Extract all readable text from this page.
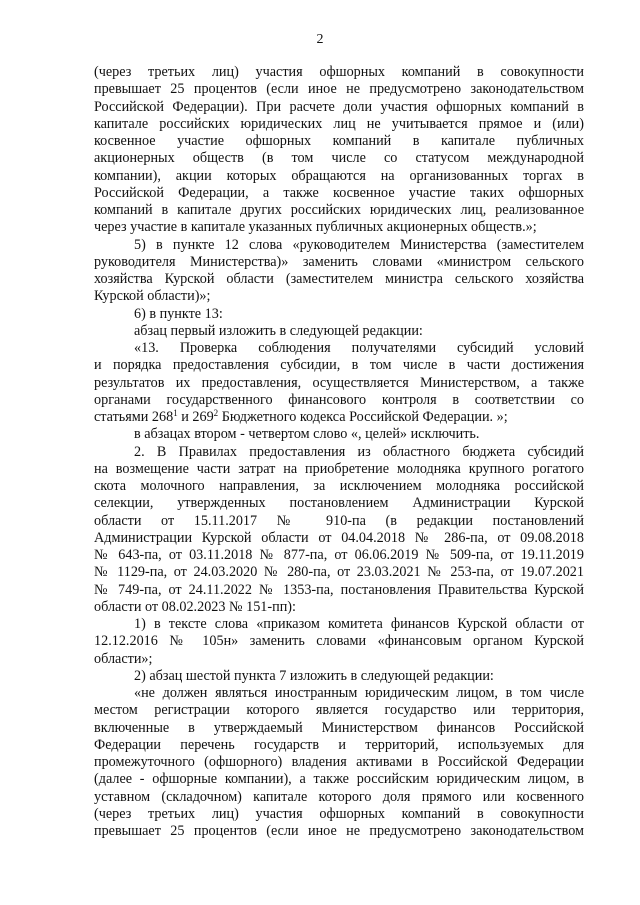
2
(через третьих лиц) участия офшорных компаний в совокупности
превышает 25 процентов (если иное не предусмотрено законодательством
Российской Федерации). При расчете доли участия офшорных компаний в
капитале российских юридических лиц не учитывается прямое и (или)
косвенное участие офшорных компаний в капитале публичных
акционерных обществ (в том числе со статусом международной
компании), акции которых обращаются на организованных торгах в
Российской Федерации, а также косвенное участие таких офшорных
компаний в капитале других российских юридических лиц, реализованное
через участие в капитале указанных публичных акционерных обществ.»;
5) в пункте 12 слова «руководителем Министерства (заместителем
руководителя Министерства)» заменить словами «министром сельского
хозяйства Курской области (заместителем министра сельского хозяйства
Курской области)»;
6) в пункте 13:
абзац первый изложить в следующей редакции:
«13. Проверка соблюдения получателями субсидий условий
и порядка предоставления субсидии, в том числе в части достижения
результатов их предоставления, осуществляется Министерством, а также
органами государственного финансового контроля в соответствии со
статьями $268^1$ и $269^2$ Бюджетного кодекса Российской Федерации. »;
в абзацах втором - четвертом слово «, целей» исключить.
2. В Правилах предоставления из областного бюджета субсидий
на возмещение части затрат на приобретение молодняка крупного рогатого
скота молочного направления, за исключением молодняка российской
селекции, утвержденных постановлением Администрации Курской
области от 15.11.2017 № 910-па (в редакции постановлений
Администрации Курской области от 04.04.2018 № 286-па, от 09.08.2018
№ 643-па, от 03.11.2018 № 877-па, от 06.06.2019 № 509-па, от 19.11.2019
№ 1129-па, от 24.03.2020 № 280-па, от 23.03.2021 № 253-па, от 19.07.2021
№ 749-па, от 24.11.2022 № 1353-па, постановления Правительства Курской
области от 08.02.2023 № 151-пп):
1) в тексте слова «приказом комитета финансов Курской области от
12.12.2016 № 105н» заменить словами «финансовым органом Курской
области»;
2) абзац шестой пункта 7 изложить в следующей редакции:
«не должен являться иностранным юридическим лицом, в том числе
местом регистрации которого является государство или территория,
включенные в утверждаемый Министерством финансов Российской
Федерации перечень государств и территорий, используемых для
промежуточного (офшорного) владения активами в Российской Федерации
(далее - офшорные компании), а также российским юридическим лицом, в
уставном (складочном) капитале которого доля прямого или косвенного
(через третьих лиц) участия офшорных компаний в совокупности
превышает 25 процентов (если иное не предусмотрено законодательством
